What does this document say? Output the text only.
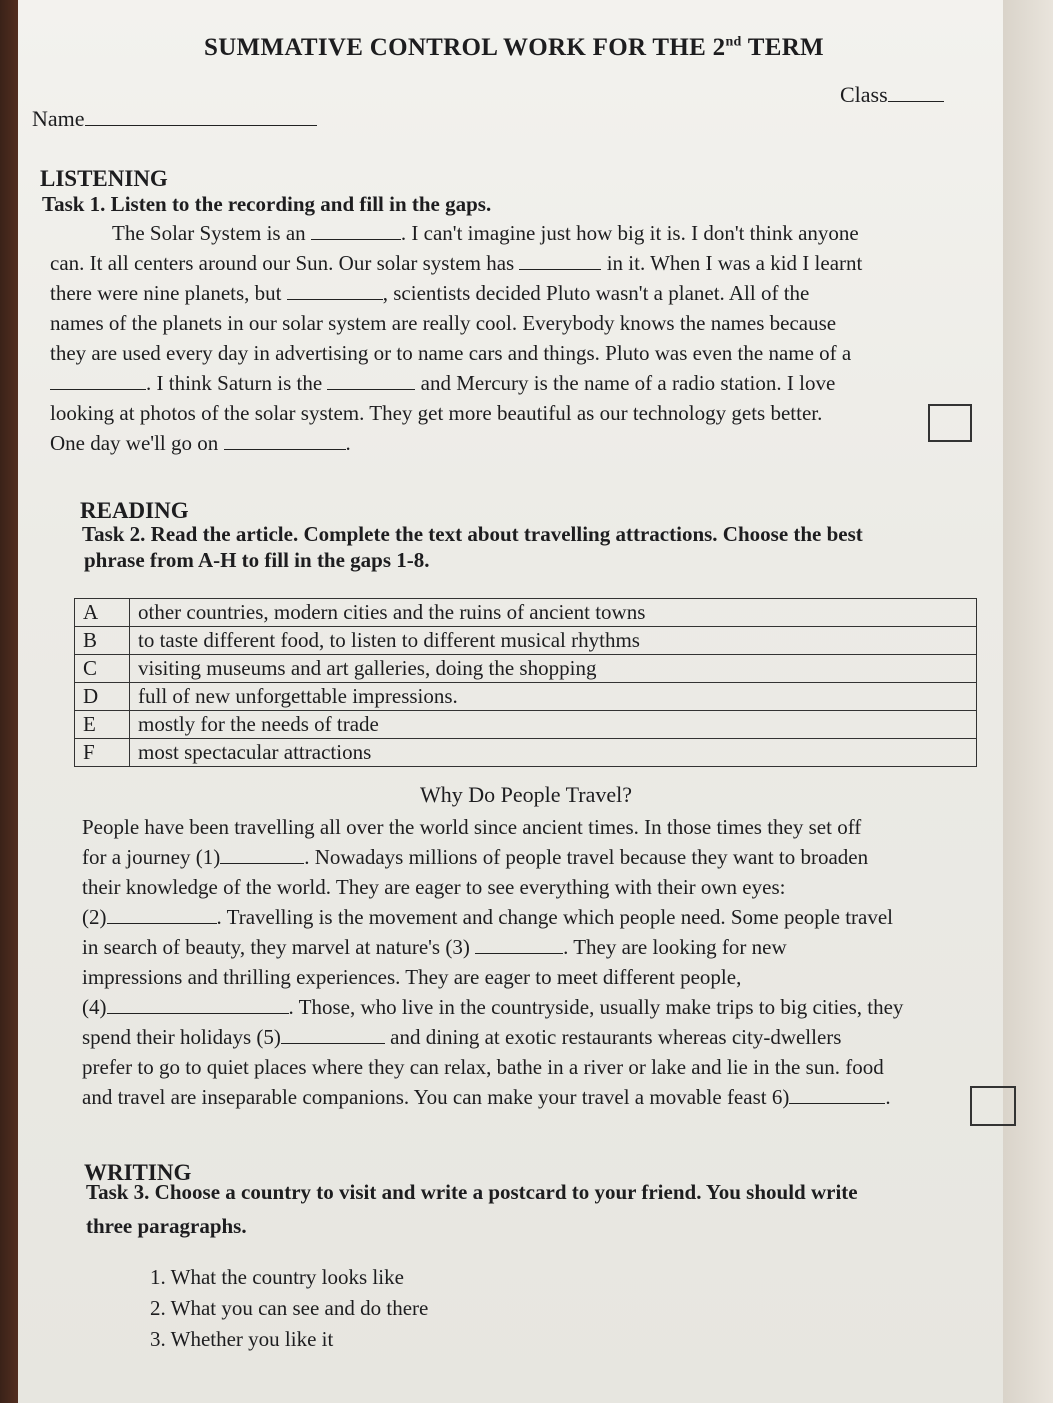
SUMMATIVE CONTROL WORK FOR THE 2nd TERM
Class
Name
LISTENING
Task 1. Listen to the recording and fill in the gaps.
The Solar System is an	. I can't imagine just how big it is. I don't think anyone
can. It all centers around our Sun. Our solar system has	in it. When I was a kid I learnt
there were nine planets, but	, scientists decided Pluto wasn't a planet. All of the
names of the planets in our solar system are really cool. Everybody knows the names because
they are used every day in advertising or to name cars and things. Pluto was even the name of a
. I think Saturn is the	and Mercury is the name of a radio station. I love
looking at photos of the solar system. They get more beautiful as our technology gets better.
One day we'll go on	.
READING
Task 2. Read the article. Complete the text about travelling attractions. Choose the best
phrase from A-H to fill in the gaps 1-8.
A	other countries, modern cities and the ruins of ancient towns
B	to taste different food, to listen to different musical rhythms
C	visiting museums and art galleries, doing the shopping
D	full of new unforgettable impressions.
E	mostly for the needs of trade
F	most spectacular attractions
Why Do People Travel?
People have been travelling all over the world since ancient times. In those times they set off
for a journey (1)	. Nowadays millions of people travel because they want to broaden
their knowledge of the world. They are eager to see everything with their own eyes:
(2)	. Travelling is the movement and change which people need. Some people travel
in search of beauty, they marvel at nature's (3)	. They are looking for new
impressions and thrilling experiences. They are eager to meet different people,
(4)	. Those, who live in the countryside, usually make trips to big cities, they
spend their holidays (5)	and dining at exotic restaurants whereas city-dwellers
prefer to go to quiet places where they can relax, bathe in a river or lake and lie in the sun. food
and travel are inseparable companions. You can make your travel a movable feast 6)	.
WRITING
Task 3. Choose a country to visit and write a postcard to your friend. You should write
three paragraphs.
1. What the country looks like
2. What you can see and do there
3. Whether you like it
